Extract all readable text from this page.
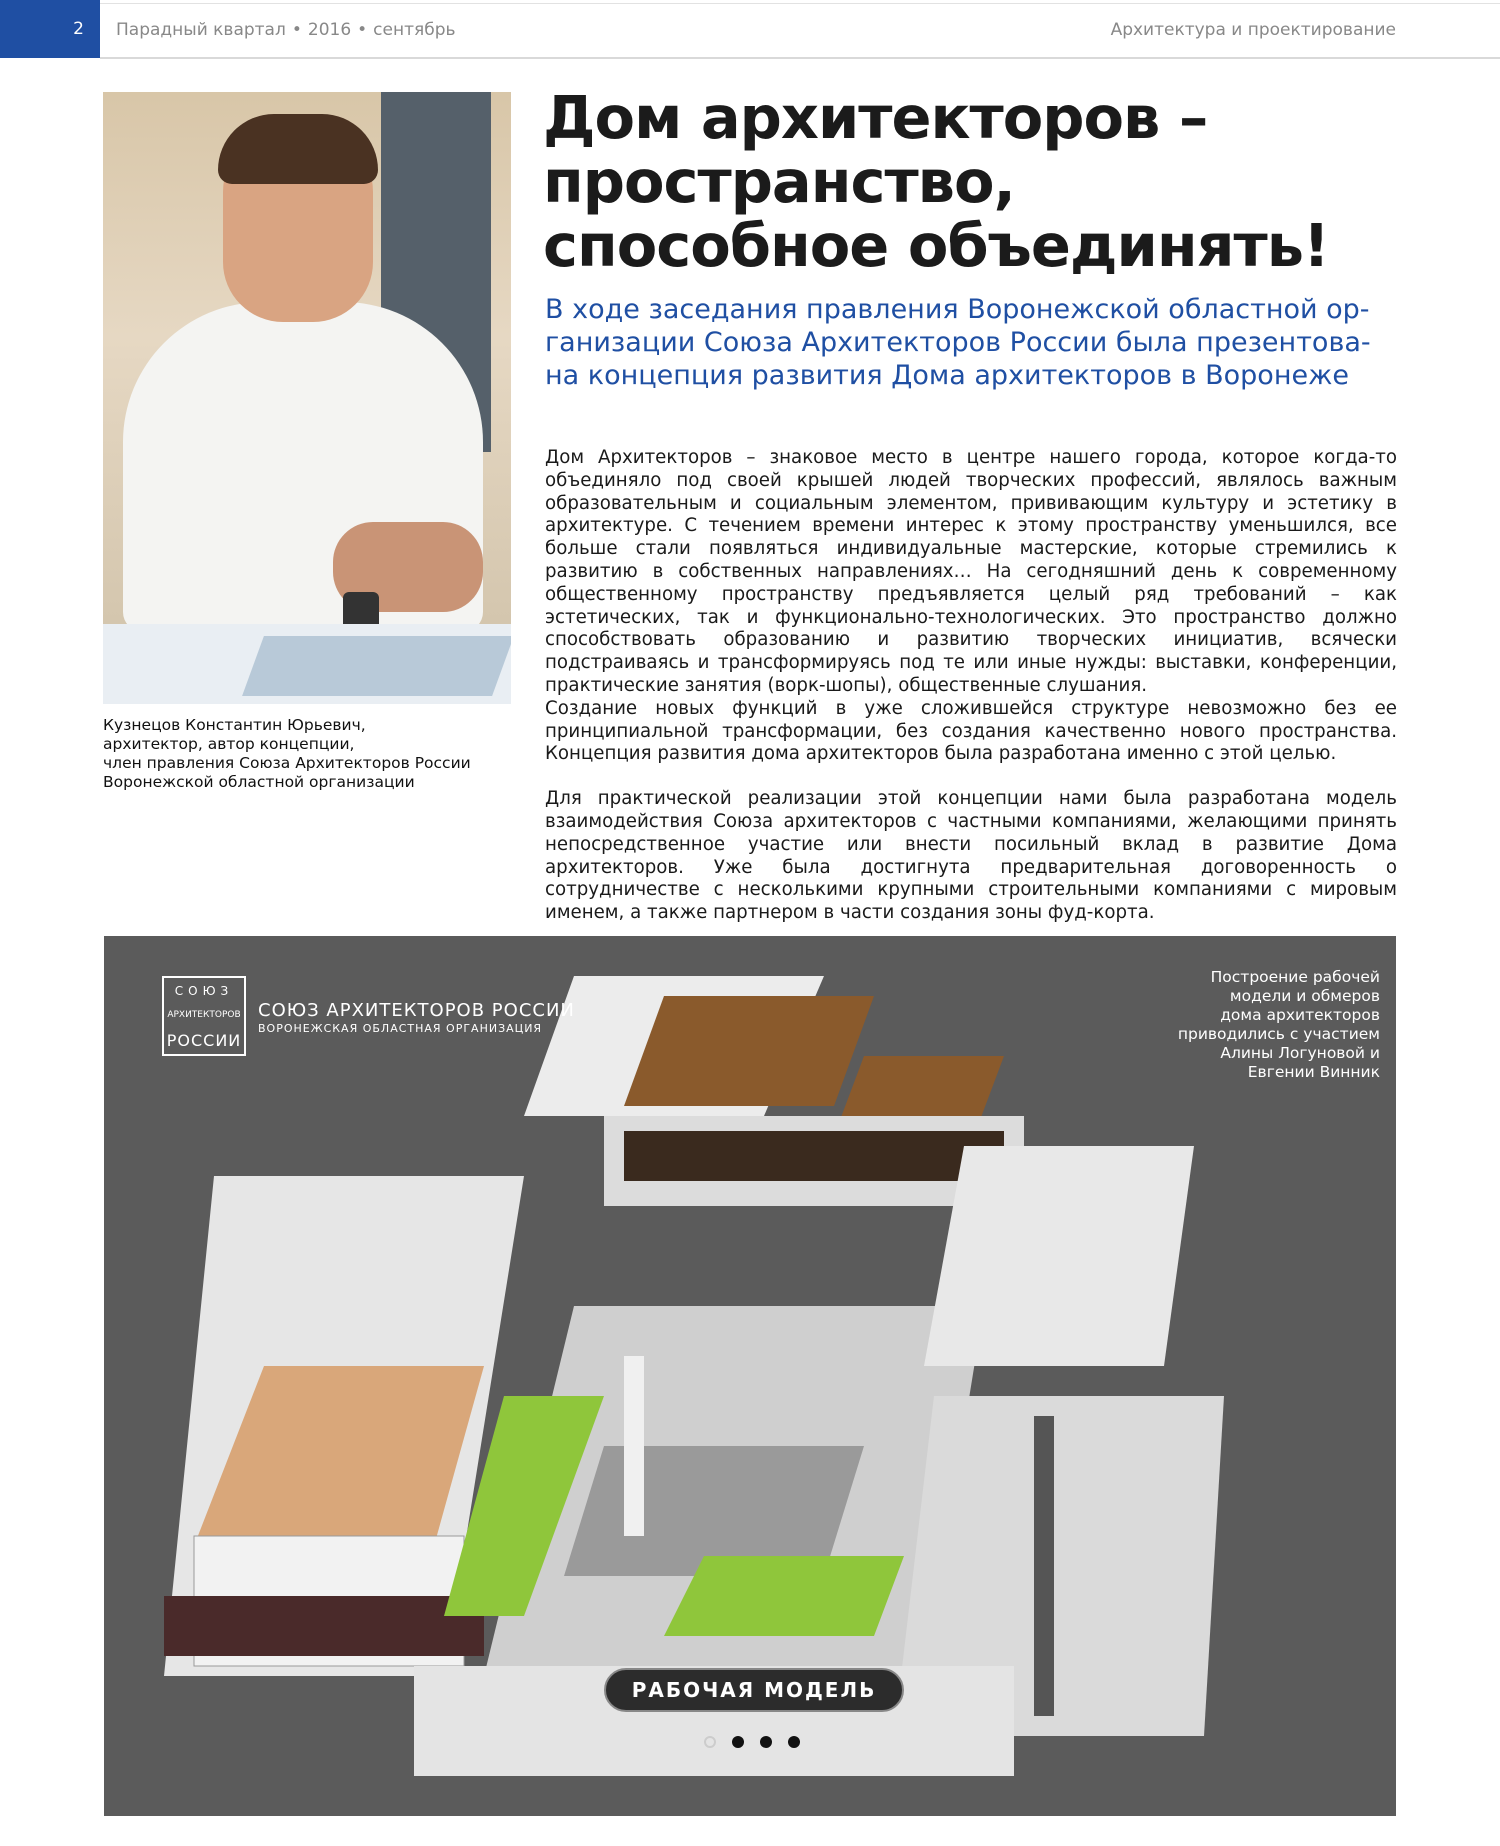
2	Парадный квартал • 2016 • сентябрь	Архитектура и проектирование
Кузнецов Константин Юрьевич,
архитектор, автор концепции,
член правления Союза Архитекторов России
Воронежской областной организации
Дом архитекторов –
пространство,
способное объединять!
В ходе заседания правления Воронежской областной ор-
ганизации Союза Архитекторов России была презентова-
на концепция развития Дома архитекторов в Воронеже

Дом Архитекторов – знаковое место в центре нашего города, которое когда-то объединяло под своей крышей людей творческих профессий, являлось важным образовательным и социальным элементом, прививающим культуру и эстетику в архитектуре. С течением времени интерес к этому пространству уменьшился, все больше стали появляться индивидуальные мастерские, которые стремились к развитию в собственных направлениях… На сегодняшний день к современному общественному пространству предъявляется целый ряд требований – как эстетических, так и функционально-технологических. Это пространство должно способствовать образованию и развитию творческих инициатив, всячески подстраиваясь и трансформируясь под те или иные нужды: выставки, конференции, практические занятия (ворк-шопы), общественные слушания.

Создание новых функций в уже сложившейся структуре невозможно без ее принципиальной трансформации, без создания качественно нового пространства. Концепция развития дома архитекторов была разработана именно с этой целью.

Для практической реализации этой концепции нами была разработана модель взаимодействия Союза архитекторов с частными компаниями, желающими принять непосредственное участие или внести посильный вклад в развитие Дома архитекторов. Уже была достигнута предварительная договоренность о сотрудничестве с несколькими крупными строительными компаниями с мировым именем, а также партнером в части создания зоны фуд-корта.

СОЮЗ
АРХИТЕКТОРОВ
РОССИИ
СОЮЗ АРХИТЕКТОРОВ РОССИИ
ВОРОНЕЖСКАЯ ОБЛАСТНАЯ ОРГАНИЗАЦИЯ
Построение рабочей
модели и обмеров
дома архитекторов
приводились с участием
Алины Логуновой и
Евгении Винник
РАБОЧАЯ МОДЕЛЬ
